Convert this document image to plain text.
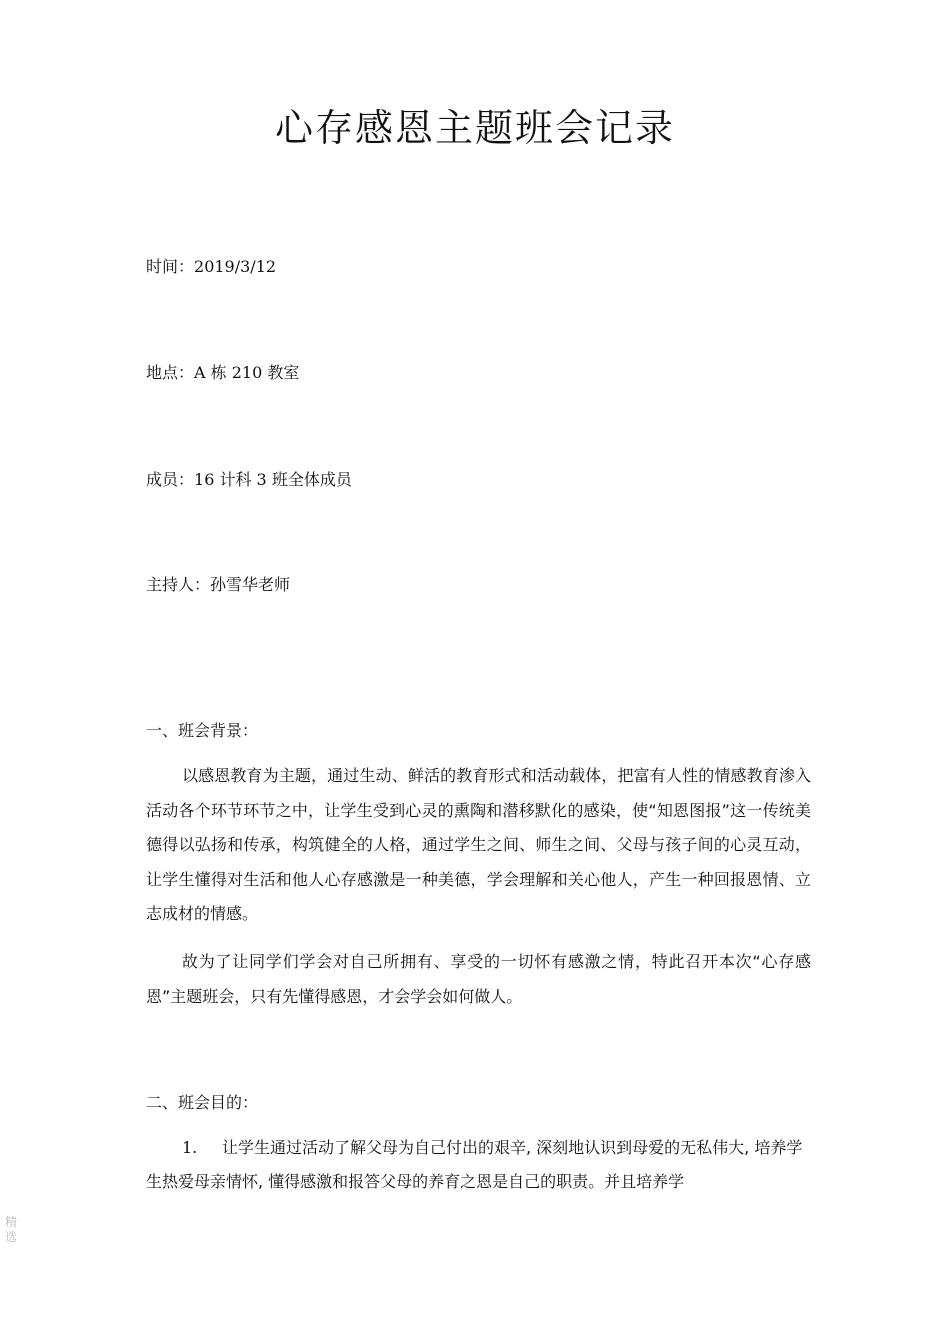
心存感恩主题班会记录
时间：2019/3/12
地点：A 栋 210 教室
成员：16 计科 3 班全体成员
主持人：孙雪华老师
一、班会背景：

以感恩教育为主题，通过生动、鲜活的教育形式和活动载体，把富有人性的情感教育渗入活动各个环节环节之中，让学生受到心灵的熏陶和潜移默化的感染，使“知恩图报”这一传统美德得以弘扬和传承，构筑健全的人格，通过学生之间、师生之间、父母与孩子间的心灵互动，让学生懂得对生活和他人心存感激是一种美德，学会理解和关心他人，产生一种回报恩情、立志成材的情感。

故为了让同学们学会对自己所拥有、享受的一切怀有感激之情，特此召开本次“心存感恩”主题班会，只有先懂得感恩，才会学会如何做人。

二、班会目的：

1. 让学生通过活动了解父母为自己付出的艰辛, 深刻地认识到母爱的无私伟大, 培养学生热爱母亲情怀, 懂得感激和报答父母的养育之恩是自己的职责。并且培养学

精选
